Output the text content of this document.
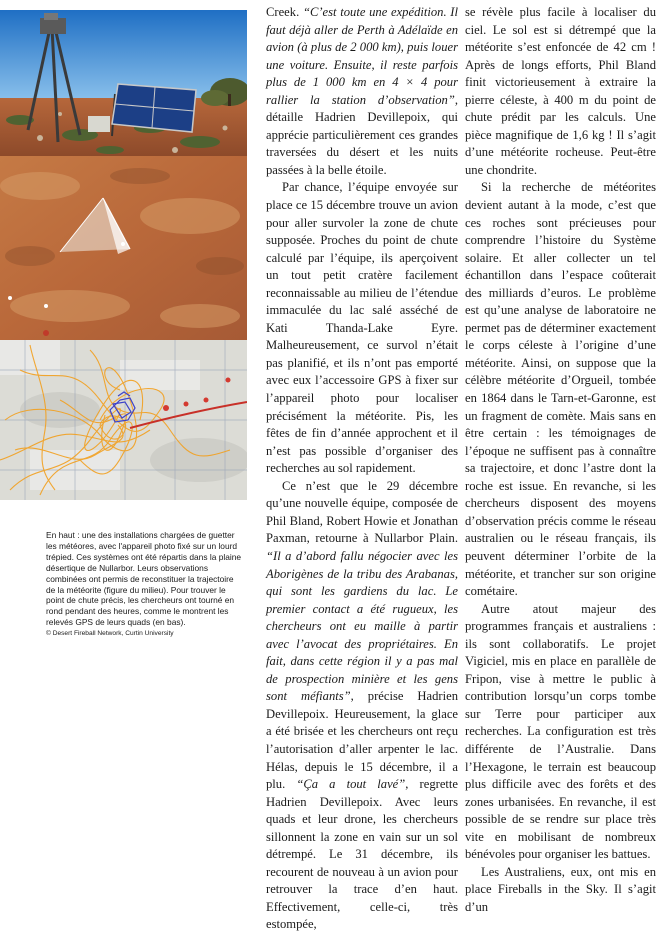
En haut : une des installations chargées de guetter les météores, avec l'appareil photo fixé sur un lourd trépied. Ces systèmes ont été répartis dans la plaine désertique de Nullarbor. Leurs observations combinées ont permis de reconstituer la trajectoire de la météorite (figure du milieu). Pour trouver le point de chute précis, les chercheurs ont tourné en rond pendant des heures, comme le montrent les relevés GPS de leurs quads (en bas).

© Desert Fireball Network, Curtin University

Creek. “C’est toute une expédition. Il faut déjà aller de Perth à Adélaïde en avion (à plus de 2 000 km), puis louer une voiture. Ensuite, il reste parfois plus de 1 000 km en 4 × 4 pour rallier la station d’observation”, détaille Hadrien Devillepoix, qui apprécie particulièrement ces grandes traversées du désert et les nuits passées à la belle étoile.

Par chance, l’équipe envoyée sur place ce 15 décembre trouve un avion pour aller survoler la zone de chute supposée. Proches du point de chute calculé par l’équipe, ils aperçoivent un tout petit cratère facilement reconnaissable au milieu de l’étendue immaculée du lac salé asséché de Kati Thanda-Lake Eyre. Malheureusement, ce survol n’était pas planifié, et ils n’ont pas emporté avec eux l’accessoire GPS à fixer sur l’appareil photo pour localiser précisément la météorite. Pis, les fêtes de fin d’année approchent et il n’est pas possible d’organiser des recherches au sol rapidement.

Ce n’est que le 29 décembre qu’une nouvelle équipe, composée de Phil Bland, Robert Howie et Jonathan Paxman, retourne à Nullarbor Plain. “Il a d’abord fallu négocier avec les Aborigènes de la tribu des Arabanas, qui sont les gardiens du lac. Le premier contact a été rugueux, les chercheurs ont eu maille à partir avec l’avocat des propriétaires. En fait, dans cette région il y a pas mal de prospection minière et les gens sont méfiants”, précise Hadrien Devillepoix. Heureusement, la glace a été brisée et les chercheurs ont reçu l’autorisation d’aller arpenter le lac. Hélas, depuis le 15 décembre, il a plu. “Ça a tout lavé”, regrette Hadrien Devillepoix. Avec leurs quads et leur drone, les chercheurs sillonnent la zone en vain sur un sol détrempé. Le 31 décembre, ils recourent de nouveau à un avion pour retrouver la trace d’en haut. Effectivement, celle-ci, très estompée,

se révèle plus facile à localiser du ciel. Le sol est si détrempé que la météorite s’est enfoncée de 42 cm ! Après de longs efforts, Phil Bland finit victorieusement à extraire la pierre céleste, à 400 m du point de chute prédit par les calculs. Une pièce magnifique de 1,6 kg ! Il s’agit d’une météorite rocheuse. Peut-être une chondrite.

Si la recherche de météorites devient autant à la mode, c’est que ces roches sont précieuses pour comprendre l’histoire du Système solaire. Et aller collecter un tel échantillon dans l’espace coûterait des milliards d’euros. Le problème est qu’une analyse de laboratoire ne permet pas de déterminer exactement le corps céleste à l’origine d’une météorite. Ainsi, on suppose que la célèbre météorite d’Orgueil, tombée en 1864 dans le Tarn-et-Garonne, est un fragment de comète. Mais sans en être certain : les témoignages de l’époque ne suffisent pas à connaître sa trajectoire, et donc l’astre dont la roche est issue. En revanche, si les chercheurs disposent des moyens d’observation précis comme le réseau australien ou le réseau français, ils peuvent déterminer l’orbite de la météorite, et trancher sur son origine cométaire.

Autre atout majeur des programmes français et australiens : ils sont collaboratifs. Le projet Vigiciel, mis en place en parallèle de Fripon, vise à mettre le public à contribution lorsqu’un corps tombe sur Terre pour participer aux recherches. La configuration est très différente de l’Australie. Dans l’Hexagone, le terrain est beaucoup plus difficile avec des forêts et des zones urbanisées. En revanche, il est possible de se rendre sur place très vite en mobilisant de nombreux bénévoles pour organiser les battues.

Les Australiens, eux, ont mis en place Fireballs in the Sky. Il s’agit d’un
